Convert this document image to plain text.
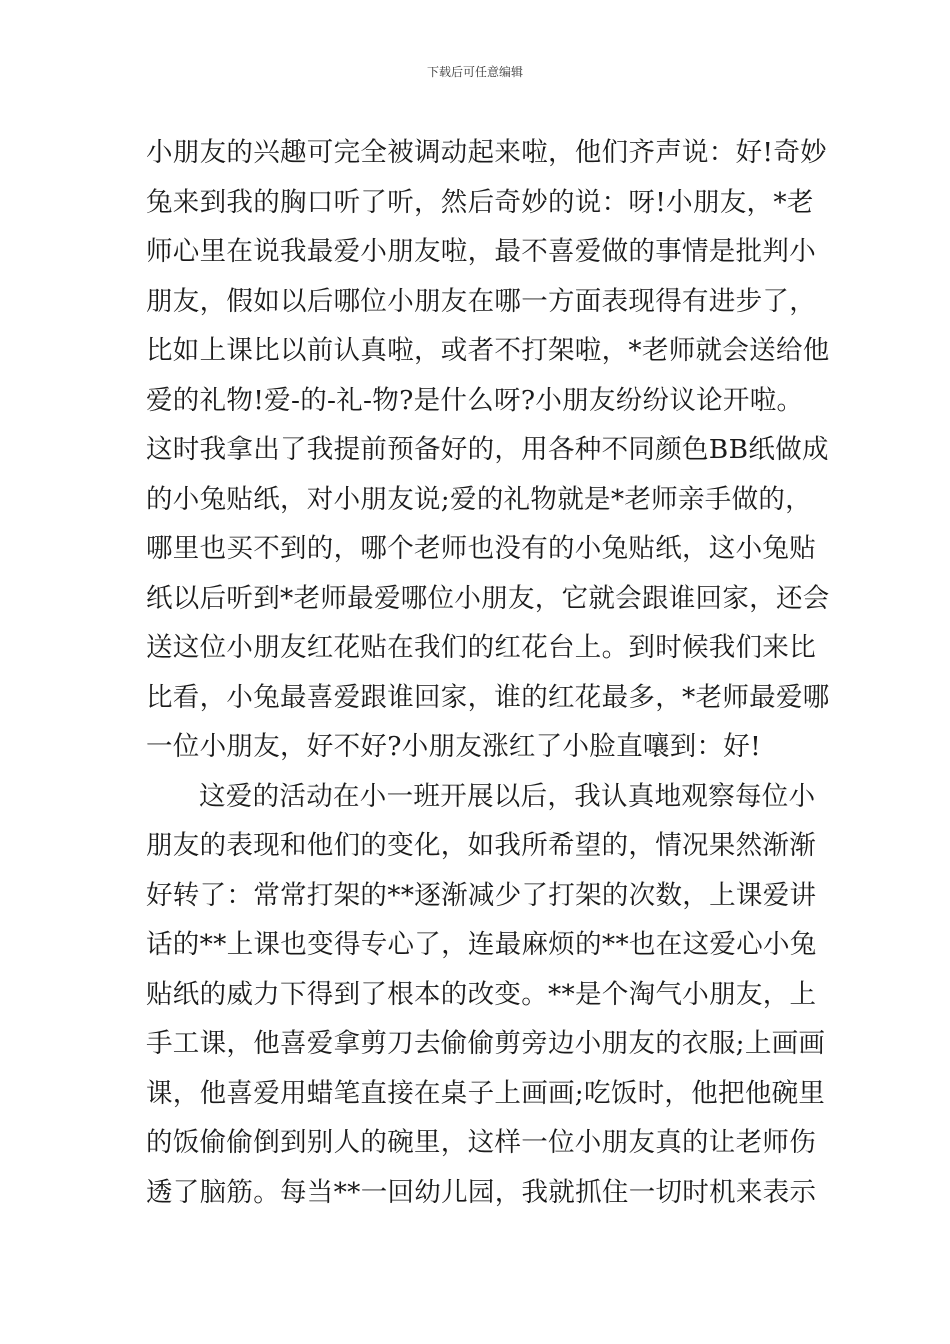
下载后可任意编辑
小朋友的兴趣可完全被调动起来啦，他们齐声说：好!奇妙
兔来到我的胸口听了听，然后奇妙的说：呀!小朋友，*老
师心里在说我最爱小朋友啦，最不喜爱做的事情是批判小
朋友，假如以后哪位小朋友在哪一方面表现得有进步了，
比如上课比以前认真啦，或者不打架啦，*老师就会送给他
爱的礼物!爱-的-礼-物?是什么呀?小朋友纷纷议论开啦。
这时我拿出了我提前预备好的，用各种不同颜色BB纸做成
的小兔贴纸，对小朋友说;爱的礼物就是*老师亲手做的，
哪里也买不到的，哪个老师也没有的小兔贴纸，这小兔贴
纸以后听到*老师最爱哪位小朋友，它就会跟谁回家，还会
送这位小朋友红花贴在我们的红花台上。到时候我们来比
比看，小兔最喜爱跟谁回家，谁的红花最多，*老师最爱哪
一位小朋友，好不好?小朋友涨红了小脸直嚷到：好!
这爱的活动在小一班开展以后，我认真地观察每位小
朋友的表现和他们的变化，如我所希望的，情况果然渐渐
好转了：常常打架的**逐渐减少了打架的次数，上课爱讲
话的**上课也变得专心了，连最麻烦的**也在这爱心小兔
贴纸的威力下得到了根本的改变。**是个淘气小朋友，上
手工课，他喜爱拿剪刀去偷偷剪旁边小朋友的衣服;上画画
课，他喜爱用蜡笔直接在桌子上画画;吃饭时，他把他碗里
的饭偷偷倒到别人的碗里，这样一位小朋友真的让老师伤
透了脑筋。每当**一回幼儿园，我就抓住一切时机来表示
